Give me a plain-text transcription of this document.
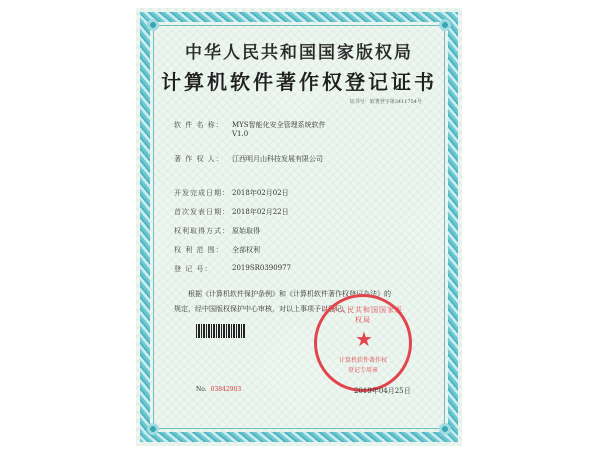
中华人民共和国国家版权局
计算机软件著作权登记证书
证书号：软著登字第3411754号
软 件 名 称：	MYS智能化安全管理系统软件
V1.0
著 作 权 人：	江西明月山科技发展有限公司
开发完成日期： 2018年02月02日
首次发表日期： 2018年02月22日
权利取得方式： 原始取得
权 利 范 围：	全部权利
登 记 号：	2019SR0390977
根据《计算机软件保护条例》和《计算机软件著作权登记办法》的
规定，经中国版权保护中心审核，对以上事项予以登记。
中华人民共和国国家版权局
★
计算机软件著作权
登记专用章
No. 03842903	2019年04月25日
